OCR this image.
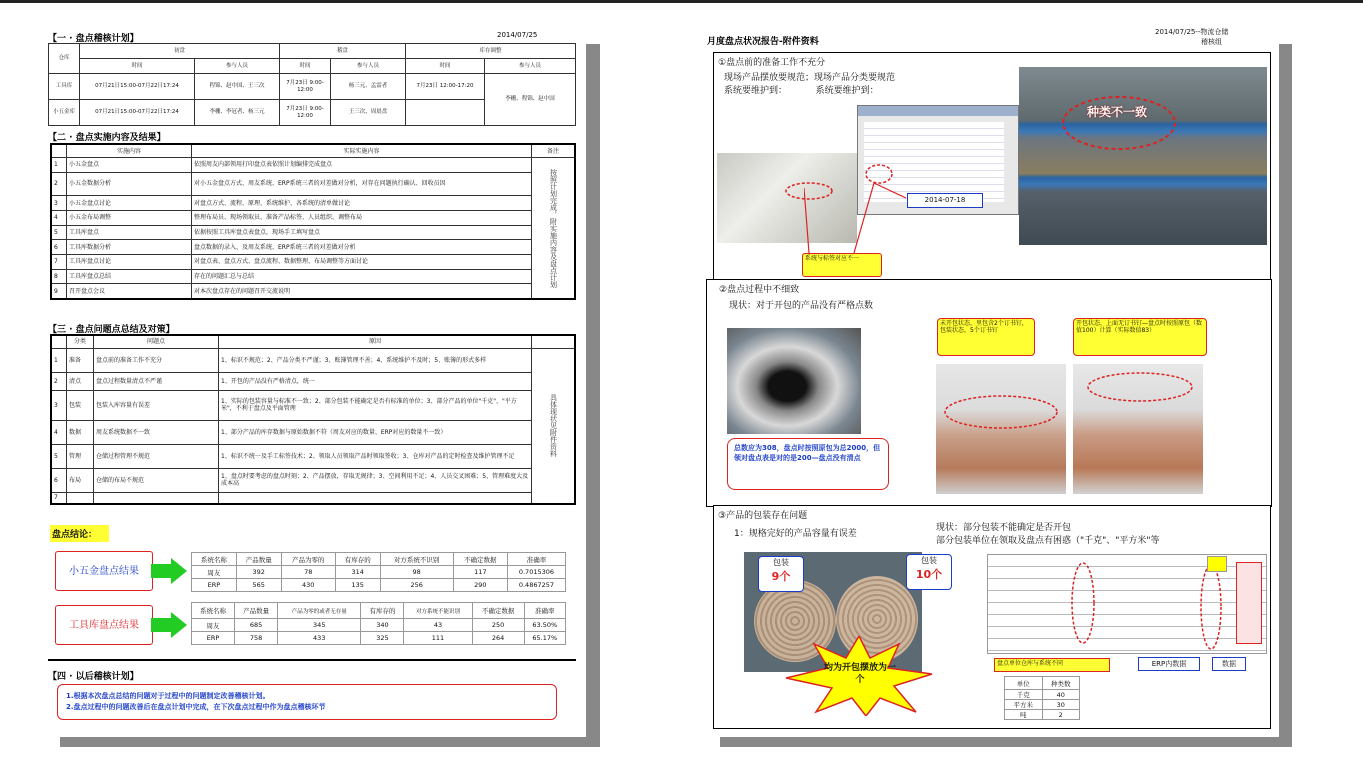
【一 · 盘点稽核计划】	2014/07/25
仓库	初盘		稽盘		库存调整	
	时间	参与人员	时间	参与人员	时间	参与人员
工具库	07月21日15:00-07月22日17:24	程锦、赵中国、王三次	7月23日 9:00-12:00	杨三元、孟雷者	7月23日 12:00-17:20	李栅、程锦、赵中国
小五金库	07月21日15:00-07月22日17:24	李栅、李冠者、杨三元	7月23日 9:00-12:00	王三次、周晨盘		
【二 · 盘点实施内容及结果】
	实施内容	实际实施内容	备注
1	小五金盘点	依照周友内部领用打印盘点表依照计划编排完成盘点	按照计划完成，附实施内容及盘点计划

2	小五金数据分析	对小五金盘点方式、周友系统、ERP系统三者的对差做对分析，对存在问题执行确认、回收员因	
3	小五金盘点讨论	对盘点方式、流程、原理、系统维护、各系统的清单做讨论	
4	小五金布局调整	整理布局员、现场领取员、准备产品标签、人员组织、调整布局	
5	工具库盘点	依据按照工具库盘点表盘点，现场手工填写盘点	
6	工具库数据分析	盘点数据的录入、及周友系统、ERP系统三者的对差做对分析	
7	工具库盘点讨论	对盘点表、盘点方式、盘点流程、数据整理、布局调整等方面讨论	
8	工具库盘点总结	存在的问题汇总与总结	
9	召开盘点会议	对本次盘点存在的问题召开交流说明	
【三 · 盘点问题点总结及对策】
	分类	问题点	原因	
1	准备	盘点前的准备工作不充分	1、标识不规范；2、产品分类不严谨；3、账簿管理不善；4、系统维护不及时；5、账簿的形式多样	具体现状见附件资料

2	清点	盘点过程数量清点不严谨	1、开包的产品没有严格清点，统一	
3	包装	包装入库容量有误差	1、实际的包装容量与标准不一致；2、部分包装不能确定是否有标准的单位；3、部分产品的单位"千克"、"平方米"，不利于盘点及平面管理	
4	数据	周友系统数据不一致	1、部分产品的库存数据与原始数据不符（周友对应的数量、ERP对应的数量不一致）	
5	管理	仓储过程管理不规范	1、标识不统一及手工标签技术；2、领取人员领取产品时领取签收；3、仓库对产品的定时检查及维护管理不足	
6	布局	仓储的布局不规范	1、盘点时要考虑的盘点时刻；2、产品摆放，存取无规律；3、空间利用不足；4、人员交叉困难；5、管理难度大及成本高	
7				
盘点结论：
小五金盘点结果
系统名称	产品数量	产品为零的	有库存的	对方系统不识别	不确定数据	准确率
周友	392	78	314	98	117	0.7015306
ERP	565	430	135	256	290	0.4867257
工具库盘点结果
系统名称	产品数量	产品为零的或者无存量	有库存的	对方系统不能识别	不确定数据	准确率
周友	685	345	340	43	250	63.50%
ERP	758	433	325	111	264	65.17%
【四 · 以后稽核计划】
1.根据本次盘点总结的问题对于过程中的问题制定改善稽核计划。
2.盘点过程中的问题改善后在盘点计划中完成，在下次盘点过程中作为盘点稽核环节
月度盘点状况报告-附件资料
2014/07/25--物流仓储
稽核组
①盘点前的准备工作不充分
现场产品摆放要规范；现场产品分类要规范
系统要维护到：          系统要维护到：
2014-07-18
系统与标签对应不一
种类不一致
②盘点过程中不细致
现状：对于开包的产品没有严格点数
总数应为308，盘点时按照原包为总2000，但领对盘点表是对的是200—盘点没有清点
未开包状态，里包含2个订书钉，包装状态，5个订书钉
开包状态，上面无订书钉—盘点时按照原包（数值100）计算（实际数值83）
③产品的包装存在问题
1：规格完好的产品容量有误差
现状：部分包装不能确定是否开包
部分包装单位在领取及盘点有困惑（"千克"、"平方米"等
包装
9个
包装
10个
均为开包摆放为一个
盘点单位仓库与系统不同	ERP内数据	数据
单位	种类数
千克	40
平方米	30
吨	2
